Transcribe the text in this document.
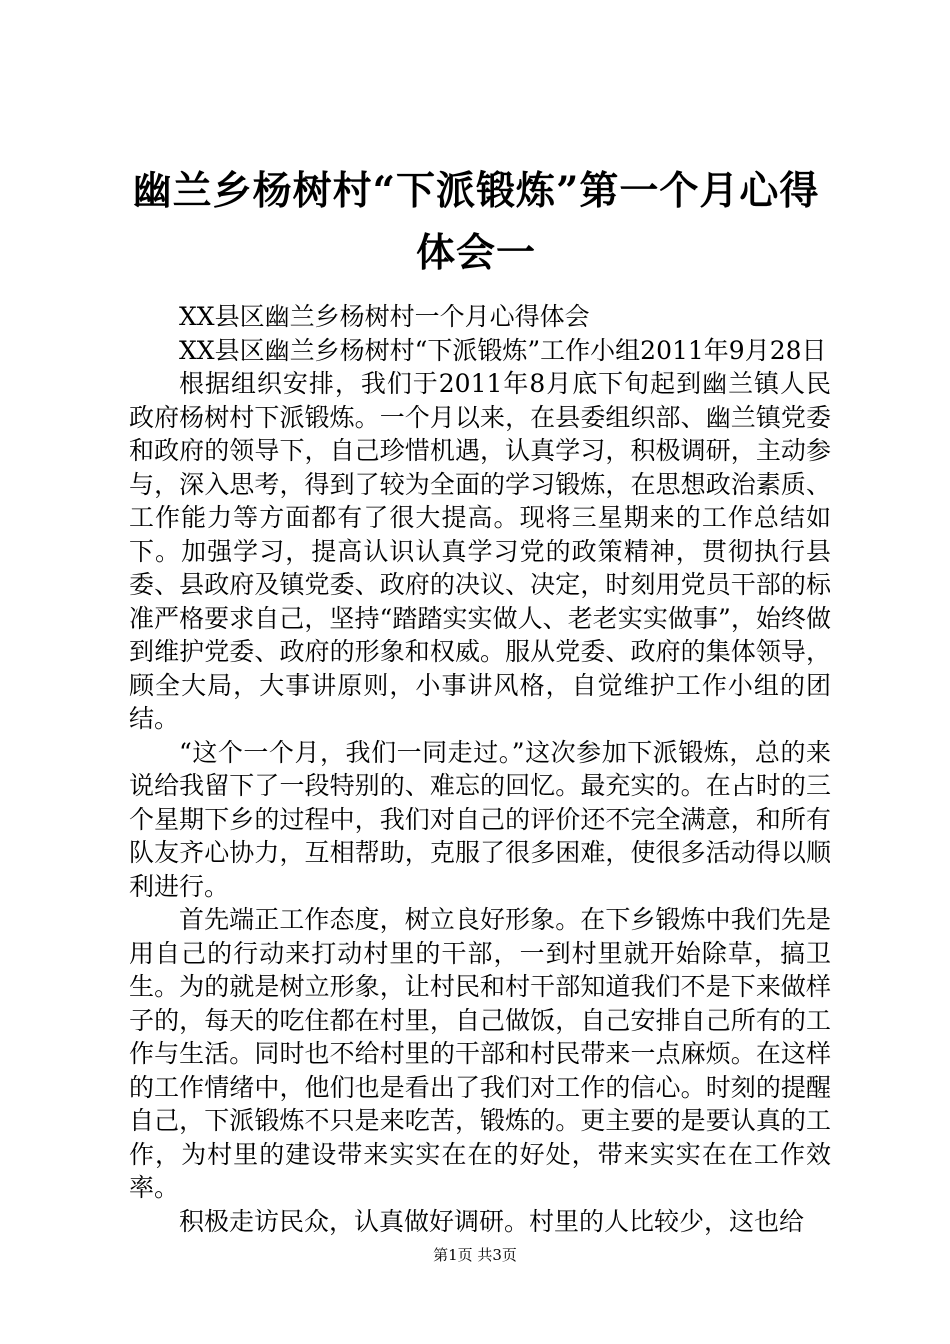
幽兰乡杨树村“下派锻炼”第一个月心得体会一

XX县区幽兰乡杨树村一个月心得体会

XX县区幽兰乡杨树村“下派锻炼”工作小组2011年9月28日

根据组织安排，我们于2011年8月底下旬起到幽兰镇人民政府杨树村下派锻炼。一个月以来，在县委组织部、幽兰镇党委和政府的领导下，自己珍惜机遇，认真学习，积极调研，主动参与，深入思考，得到了较为全面的学习锻炼，在思想政治素质、工作能力等方面都有了很大提高。现将三星期来的工作总结如下。加强学习，提高认识认真学习党的政策精神，贯彻执行县委、县政府及镇党委、政府的决议、决定，时刻用党员干部的标准严格要求自己，坚持“踏踏实实做人、老老实实做事”，始终做到维护党委、政府的形象和权威。服从党委、政府的集体领导，顾全大局，大事讲原则，小事讲风格，自觉维护工作小组的团结。

“这个一个月，我们一同走过。”这次参加下派锻炼，总的来说给我留下了一段特别的、难忘的回忆。最充实的。在占时的三个星期下乡的过程中，我们对自己的评价还不完全满意，和所有队友齐心协力，互相帮助，克服了很多困难，使很多活动得以顺利进行。

首先端正工作态度，树立良好形象。在下乡锻炼中我们先是用自己的行动来打动村里的干部，一到村里就开始除草，搞卫生。为的就是树立形象，让村民和村干部知道我们不是下来做样子的，每天的吃住都在村里，自己做饭，自己安排自己所有的工作与生活。同时也不给村里的干部和村民带来一点麻烦。在这样的工作情绪中，他们也是看出了我们对工作的信心。时刻的提醒自己，下派锻炼不只是来吃苦，锻炼的。更主要的是要认真的工作，为村里的建设带来实实在在的好处，带来实实在在工作效率。

积极走访民众，认真做好调研。村里的人比较少，这也给

第1页 共3页
